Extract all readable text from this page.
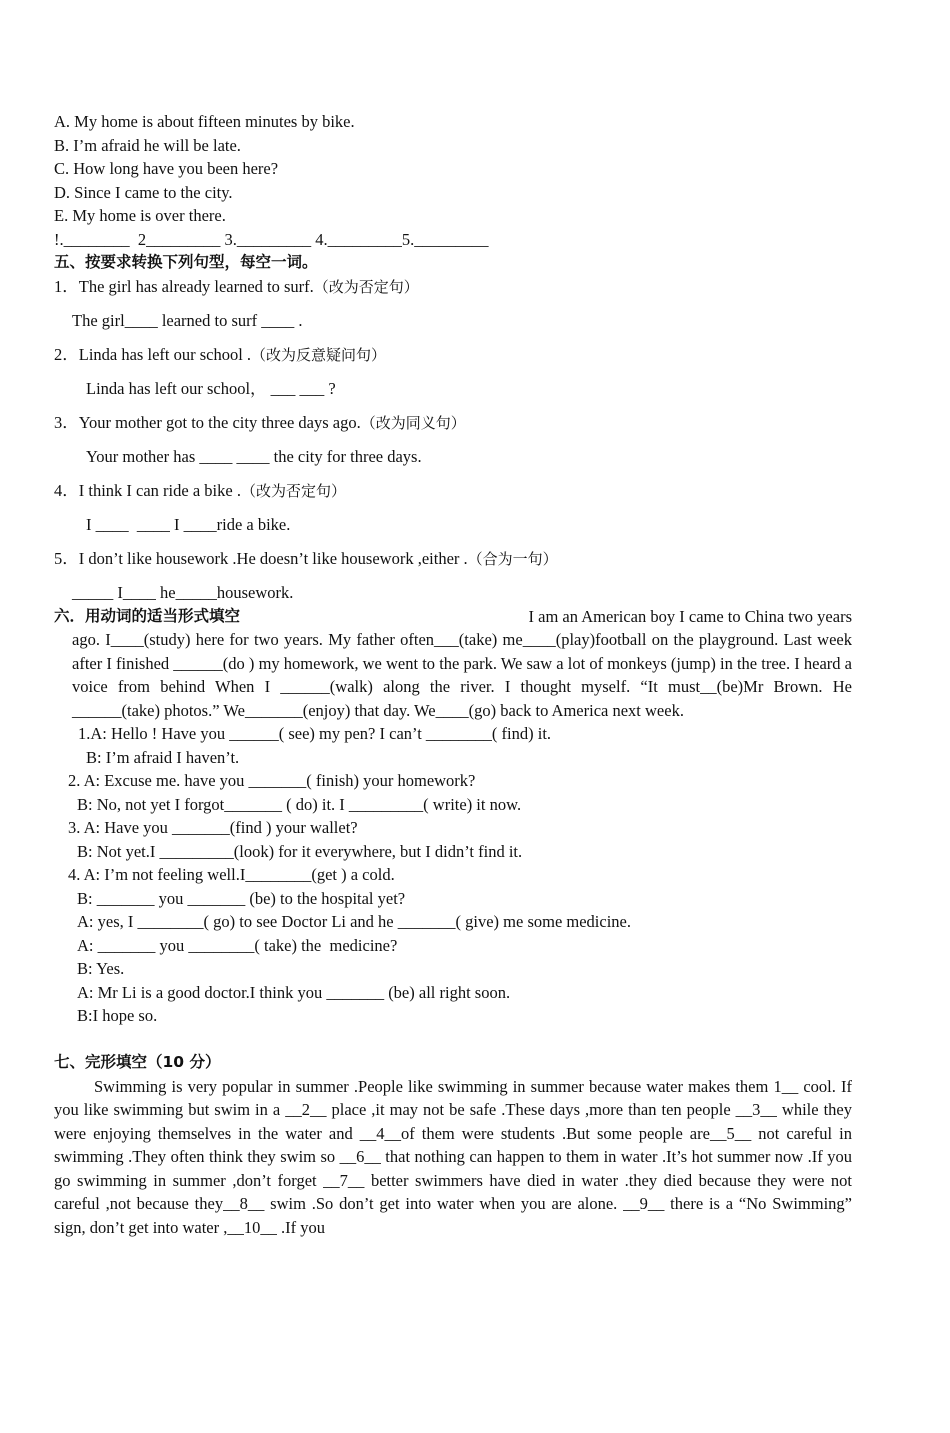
A. My home is about fifteen minutes by bike.
B. I’m afraid he will be late.
C. How long have you been here?
D. Since I came to the city.
E. My home is over there.
!.________  2_________ 3._________ 4._________5._________
五、按要求转换下列句型，每空一词。
1．The girl has already learned to surf.（改为否定句）
The girl____ learned to surf ____ .
2．Linda has left our school .（改为反意疑问句）
Linda has left our school， ___ ___ ?
3．Your mother got to the city three days ago.（改为同义句）
Your mother has ____ ____ the city for three days.
4．I think I can ride a bike .（改为否定句）
I ____  ____ I ____ride a bike.
5．I don’t like housework .He doesn’t like housework ,either .（合为一句）
_____ I____ he_____housework.
六．用动词的适当形式填空	I am an American boy I came to China two years
ago. I____(study) here for two years. My father often___(take) me____(play)football on the playground. Last week after I finished ______(do ) my homework, we went to the park. We saw a lot of monkeys (jump) in the tree. I heard a voice from behind When I ______(walk) along the river. I thought myself. “It must__(be)Mr Brown. He ______(take) photos.” We_______(enjoy) that day. We____(go) back to America next week.
1.A: Hello ! Have you ______( see) my pen? I can’t ________( find) it.
B: I’m afraid I haven’t.
2. A: Excuse me. have you _______( finish) your homework?
B: No, not yet I forgot_______ ( do) it. I _________( write) it now.
3. A: Have you _______(find ) your wallet?
B: Not yet.I _________(look) for it everywhere, but I didn’t find it.
4. A: I’m not feeling well.I________(get ) a cold.
B: _______ you _______ (be) to the hospital yet?
A: yes, I ________( go) to see Doctor Li and he _______( give) me some medicine.
A: _______ you ________( take) the  medicine?
B: Yes.
A: Mr Li is a good doctor.I think you _______ (be) all right soon.
B:I hope so.
七、完形填空（10 分）
Swimming is very popular in summer .People like swimming in summer because water makes them 1__ cool. If you like swimming but swim in a __2__ place ,it may not be safe .These days ,more than ten people __3__ while they were enjoying themselves in the water and __4__of them were students .But some people are__5__ not careful in swimming .They often think they swim so __6__ that nothing can happen to them in water .It’s hot summer now .If you go swimming in summer ,don’t forget __7__ better swimmers have died in water .they died because they were not careful ,not because they__8__ swim .So don’t get into water when you are alone. __9__ there is a “No Swimming” sign, don’t get into water ,__10__ .If you
